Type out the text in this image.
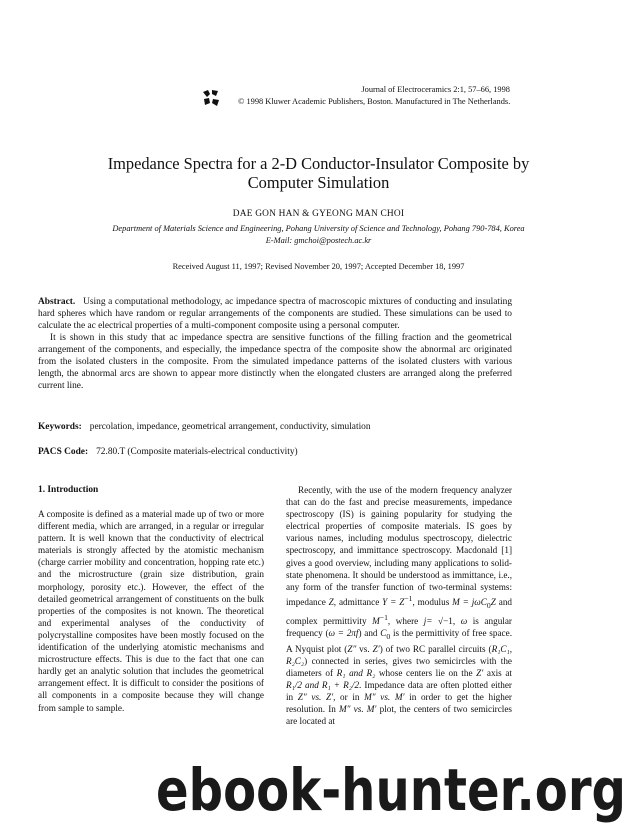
Journal of Electroceramics 2:1, 57–66, 1998
© 1998 Kluwer Academic Publishers, Boston. Manufactured in The Netherlands.
Impedance Spectra for a 2-D Conductor-Insulator Composite by
Computer Simulation
DAE GON HAN & GYEONG MAN CHOI
Department of Materials Science and Engineering, Pohang University of Science and Technology, Pohang 790-784, Korea
E-Mail: gmchoi@postech.ac.kr
Received August 11, 1997; Revised November 20, 1997; Accepted December 18, 1997

Abstract. Using a computational methodology, ac impedance spectra of macroscopic mixtures of conducting and insulating hard spheres which have random or regular arrangements of the components are studied. These simulations can be used to calculate the ac electrical properties of a multi-component composite using a personal computer.

It is shown in this study that ac impedance spectra are sensitive functions of the filling fraction and the geometrical arrangement of the components, and especially, the impedance spectra of the composite show the abnormal arc originated from the isolated clusters in the composite. From the simulated impedance patterns of the isolated clusters with various length, the abnormal arcs are shown to appear more distinctly when the elongated clusters are arranged along the preferred current line.

Keywords: percolation, impedance, geometrical arrangement, conductivity, simulation
PACS Code: 72.80.T (Composite materials-electrical conductivity)
1. Introduction

A composite is defined as a material made up of two or more different media, which are arranged, in a regular or irregular pattern. It is well known that the conductivity of electrical materials is strongly affected by the atomistic mechanism (charge carrier mobility and concentration, hopping rate etc.) and the microstructure (grain size distribution, grain morphology, porosity etc.). However, the effect of the detailed geometrical arrangement of constituents on the bulk properties of the composites is not known. The theoretical and experimental analyses of the conductivity of polycrystalline composites have been mostly focused on the identification of the underlying atomistic mechanisms and microstructure effects. This is due to the fact that one can hardly get an analytic solution that includes the geometrical arrangement effect. It is difficult to consider the positions of all components in a composite because they will change from sample to sample.

Recently, with the use of the modern frequency analyzer that can do the fast and precise measurements, impedance spectroscopy (IS) is gaining popularity for studying the electrical properties of composite materials. IS goes by various names, including modulus spectroscopy, dielectric spectroscopy, and immittance spectroscopy. Macdonald [1] gives a good overview, including many applications to solid-state phenomena. It should be understood as immittance, i.e., any form of the transfer function of two-terminal systems: impedance Z, admittance $Y = Z^{-1}$, modulus M = jωC$_0$Z and complex permittivity $M^{-1}$, where j= √−1, ω is angular frequency (ω = 2πf) and $C_0$ is the permittivity of free space. A Nyquist plot (Z″ vs. Z′) of two RC parallel circuits (R₁C₁, R₂C₂) connected in series, gives two semicircles with the diameters of R₁ and R₂ whose centers lie on the Z′ axis at R₁/2 and R₁ + R₂/2. Impedance data are often plotted either in Z″ vs. Z′, or in M″ vs. M′ in order to get the higher resolution. In M″ vs. M′ plot, the centers of two semicircles are located at

ebook-hunter.org
